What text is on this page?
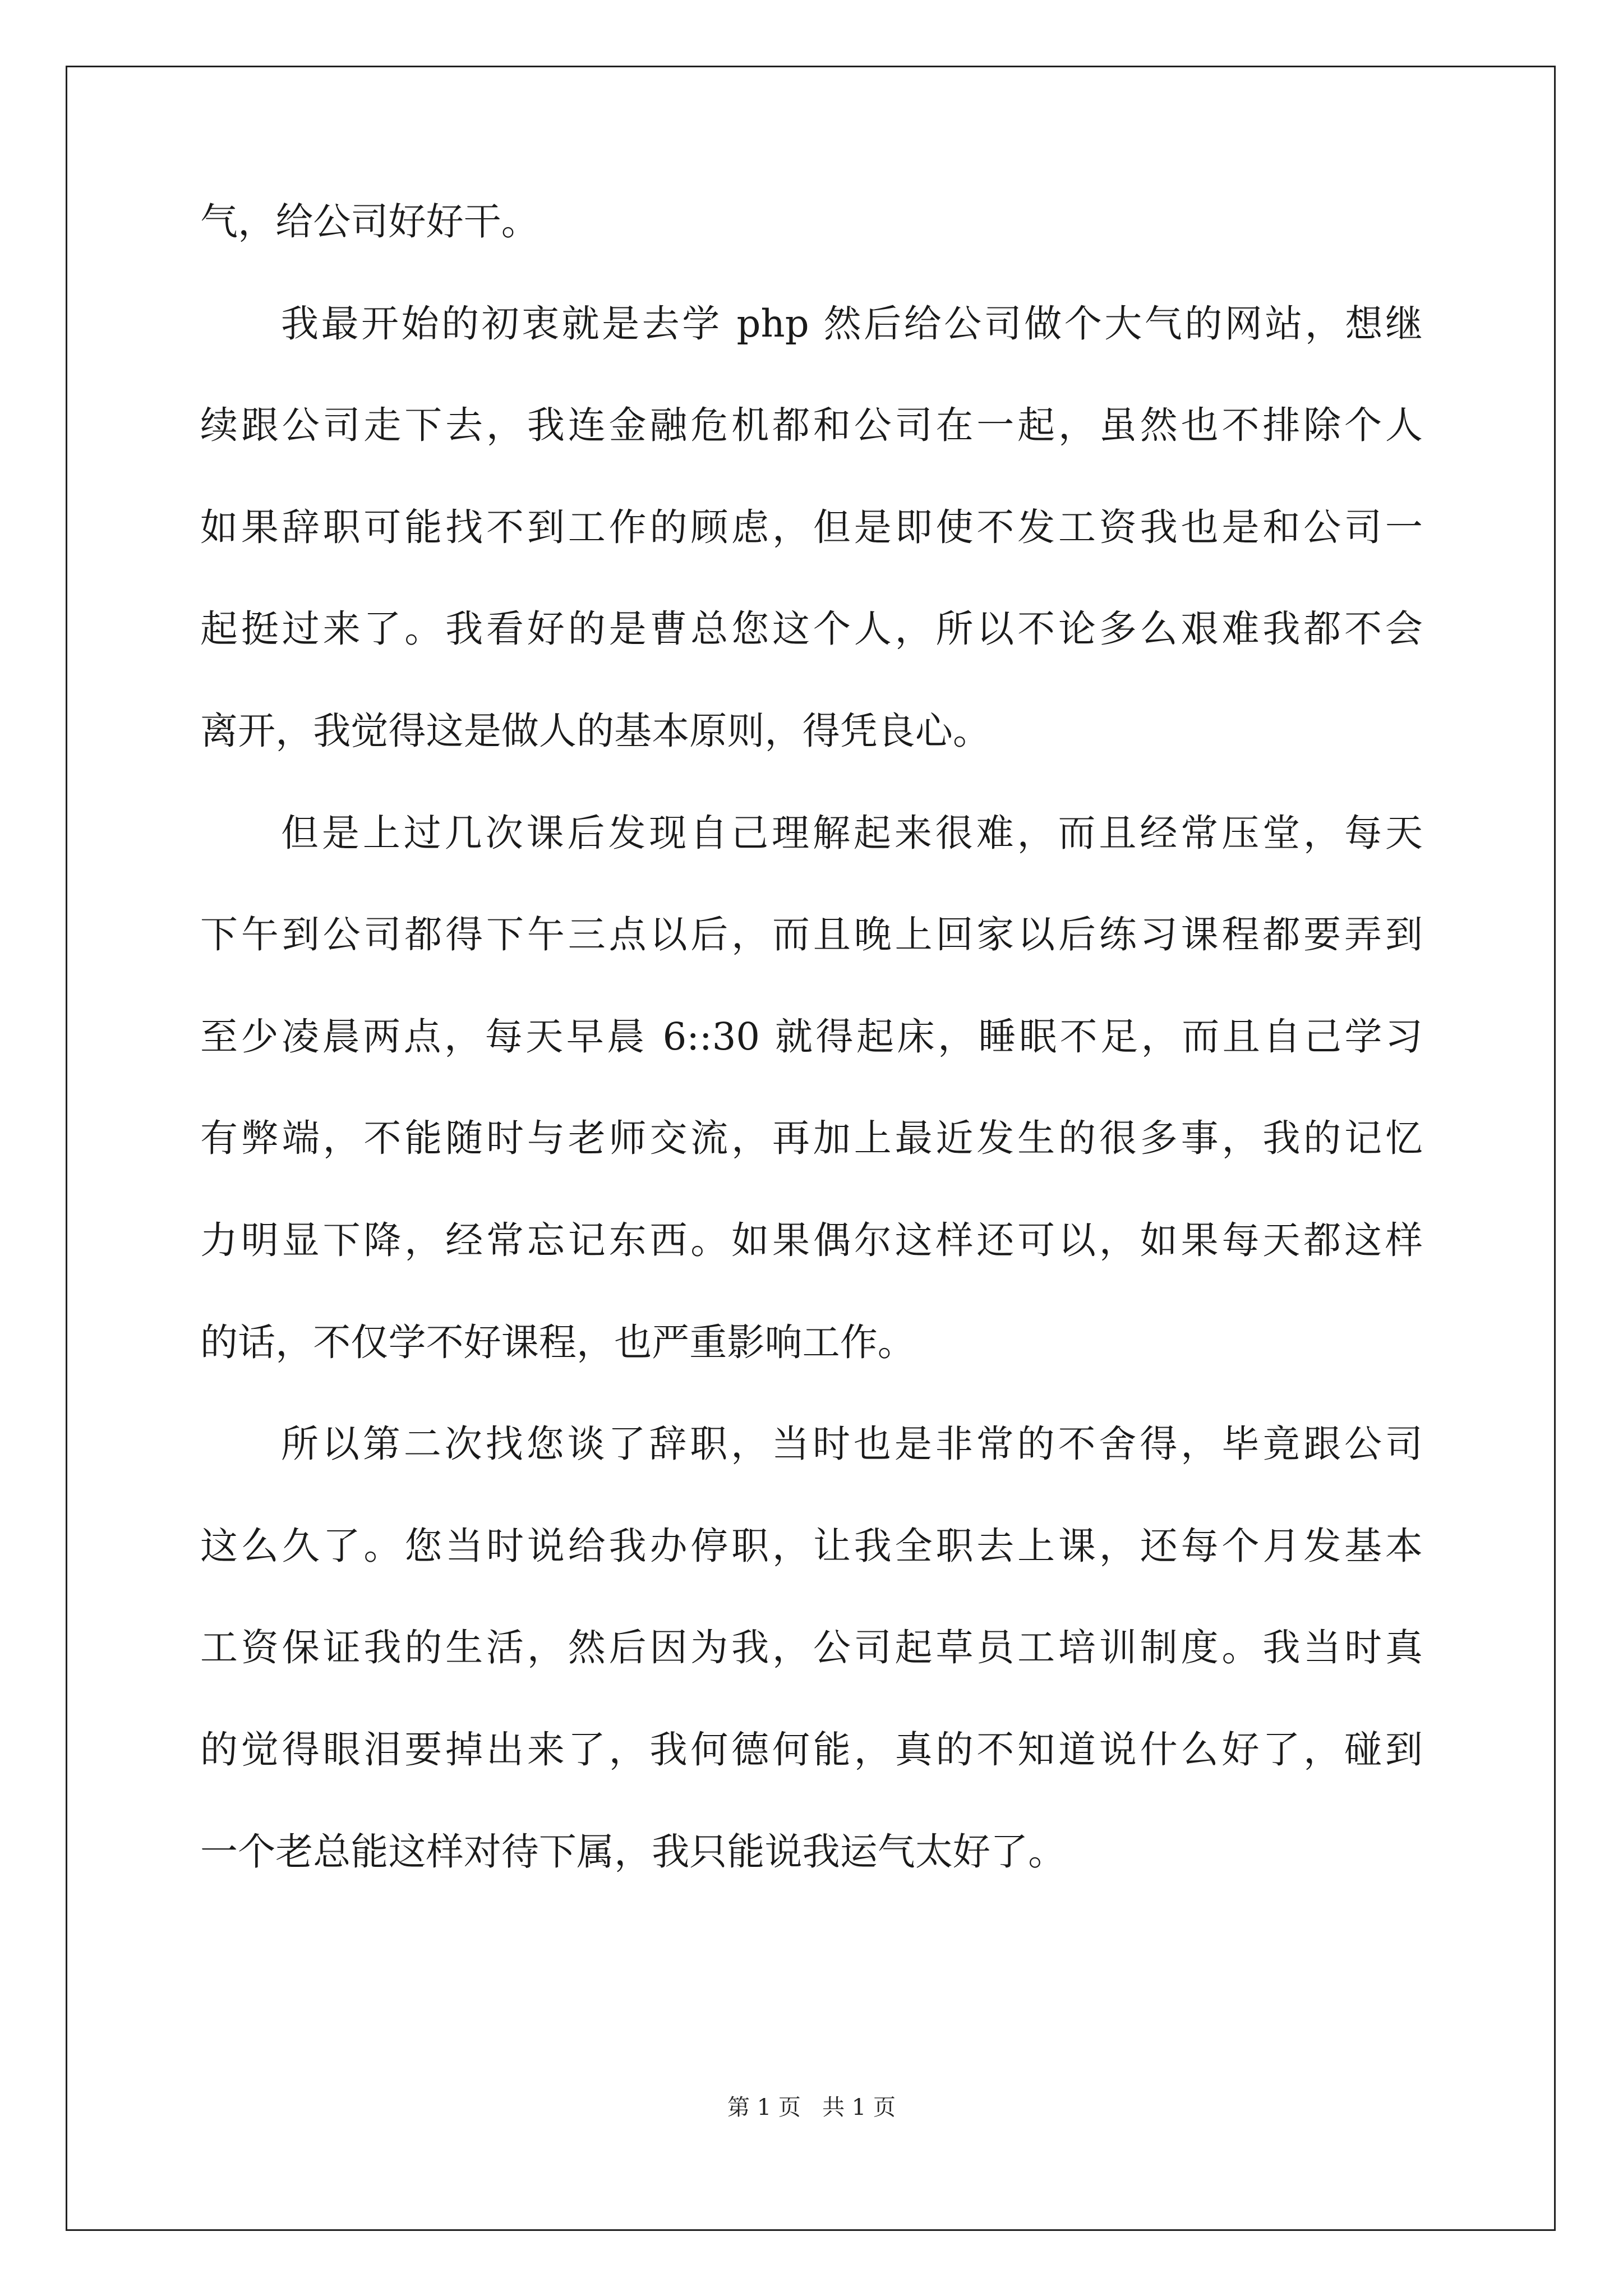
气，给公司好好干。
我最开始的初衷就是去学 php 然后给公司做个大气的网站，想继
续跟公司走下去，我连金融危机都和公司在一起，虽然也不排除个人
如果辞职可能找不到工作的顾虑，但是即使不发工资我也是和公司一
起挺过来了。我看好的是曹总您这个人，所以不论多么艰难我都不会
离开，我觉得这是做人的基本原则，得凭良心。
但是上过几次课后发现自己理解起来很难，而且经常压堂，每天
下午到公司都得下午三点以后，而且晚上回家以后练习课程都要弄到
至少凌晨两点，每天早晨 6::30 就得起床，睡眠不足，而且自己学习
有弊端，不能随时与老师交流，再加上最近发生的很多事，我的记忆
力明显下降，经常忘记东西。如果偶尔这样还可以，如果每天都这样
的话，不仅学不好课程，也严重影响工作。
所以第二次找您谈了辞职，当时也是非常的不舍得，毕竟跟公司
这么久了。您当时说给我办停职，让我全职去上课，还每个月发基本
工资保证我的生活，然后因为我，公司起草员工培训制度。我当时真
的觉得眼泪要掉出来了，我何德何能，真的不知道说什么好了，碰到
一个老总能这样对待下属，我只能说我运气太好了。
第 1 页   共 1 页
